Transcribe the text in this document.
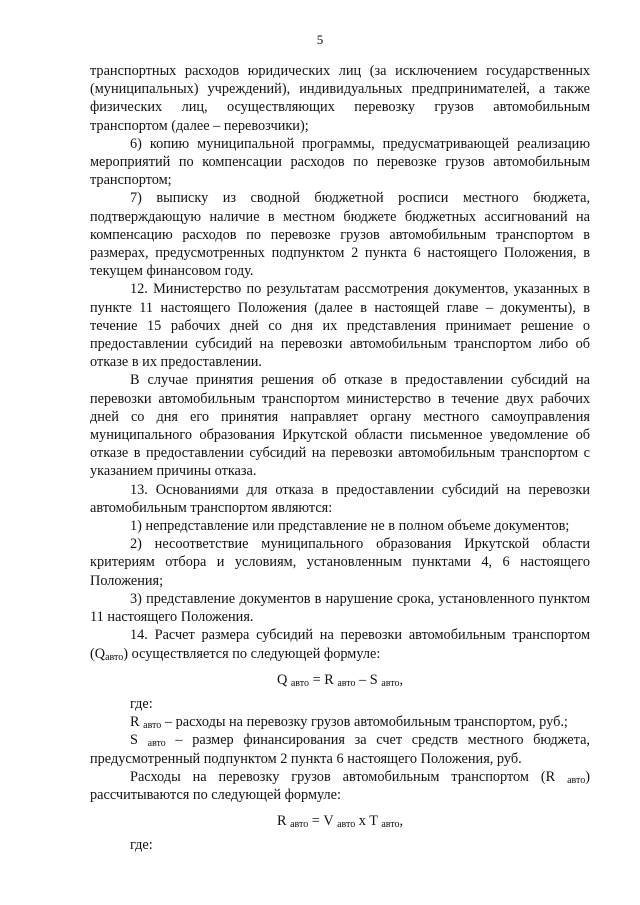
5

транспортных расходов юридических лиц (за исключением государственных (муниципальных) учреждений), индивидуальных предпринимателей, а также физических лиц, осуществляющих перевозку грузов автомобильным транспортом (далее – перевозчики);

6) копию муниципальной программы, предусматривающей реализацию мероприятий по компенсации расходов по перевозке грузов автомобильным транспортом;

7) выписку из сводной бюджетной росписи местного бюджета, подтверждающую наличие в местном бюджете бюджетных ассигнований на компенсацию расходов по перевозке грузов автомобильным транспортом в размерах, предусмотренных подпунктом 2 пункта 6 настоящего Положения, в текущем финансовом году.

12. Министерство по результатам рассмотрения документов, указанных в пункте 11 настоящего Положения (далее в настоящей главе – документы), в течение 15 рабочих дней со дня их представления принимает решение о предоставлении субсидий на перевозки автомобильным транспортом либо об отказе в их предоставлении.

В случае принятия решения об отказе в предоставлении субсидий на перевозки автомобильным транспортом министерство в течение двух рабочих дней со дня его принятия направляет органу местного самоуправления муниципального образования Иркутской области письменное уведомление об отказе в предоставлении субсидий на перевозки автомобильным транспортом с указанием причины отказа.

13. Основаниями для отказа в предоставлении субсидий на перевозки автомобильным транспортом являются:

1) непредставление или представление не в полном объеме документов;

2) несоответствие муниципального образования Иркутской области критериям отбора и условиям, установленным пунктами 4, 6 настоящего Положения;

3) представление документов в нарушение срока, установленного пунктом 11 настоящего Положения.

14. Расчет размера субсидий на перевозки автомобильным транспортом $(Q_{авто})$ осуществляется по следующей формуле:

Q $_{авто}$ = R $_{авто}$ – S $_{авто}$,

где:

R $_{авто}$ – расходы на перевозку грузов автомобильным транспортом, руб.;

S $_{авто}$ – размер финансирования за счет средств местного бюджета, предусмотренный подпунктом 2 пункта 6 настоящего Положения, руб.

Расходы на перевозку грузов автомобильным транспортом (R $_{авто}$) рассчитываются по следующей формуле:

R $_{авто}$ = V $_{авто}$ x T $_{авто}$,

где:
